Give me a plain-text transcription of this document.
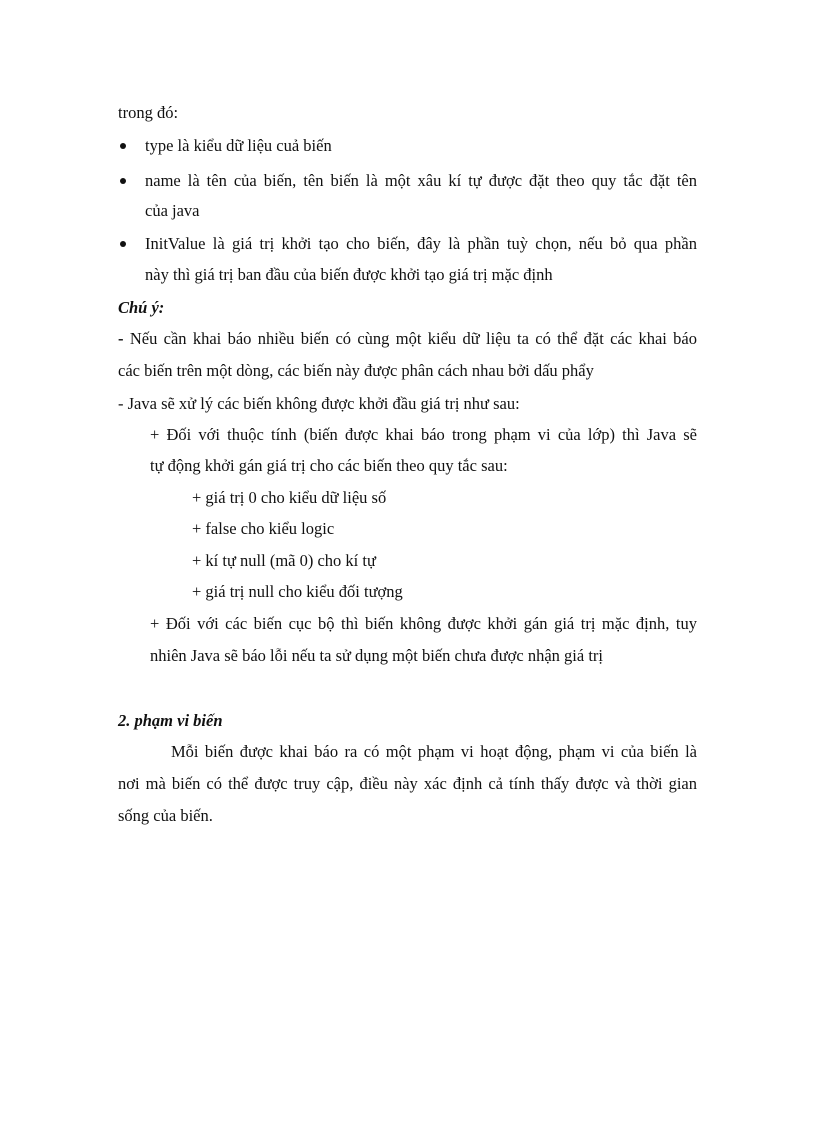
trong đó:
type là kiểu dữ liệu cuả biến
name là tên của biến, tên biến là một xâu kí tự được đặt theo quy tắc đặt tên
của java
InitValue là giá trị khởi tạo cho biến, đây là phần tuỳ chọn, nếu bỏ qua phần
này thì giá trị ban đầu của biến được khởi tạo giá trị mặc định
Chú ý:
- Nếu cần khai báo nhiều biến có cùng một kiểu dữ liệu ta có thể đặt các khai báo
các biến trên một dòng, các biến này được phân cách nhau bởi dấu phẩy
- Java sẽ xử lý các biến không được khởi đầu giá trị như sau:
+ Đối với thuộc tính (biến được khai báo trong phạm vi của lớp) thì Java sẽ
tự động khởi gán giá trị cho các biến theo quy tắc sau:
+ giá trị 0 cho kiểu dữ liệu số
+ false cho kiểu logic
+ kí tự null (mã 0) cho kí tự
+ giá trị null cho kiểu đối tượng
+ Đối với các biến cục bộ thì biến không được khởi gán giá trị mặc định, tuy
nhiên Java sẽ báo lỗi nếu ta sử dụng một biến chưa được nhận giá trị
2. phạm vi biến
Mỗi biến được khai báo ra có một phạm vi hoạt động, phạm vi của biến là
nơi mà biến có thể được truy cập, điều này xác định cả tính thấy được và thời gian
sống của biến.
